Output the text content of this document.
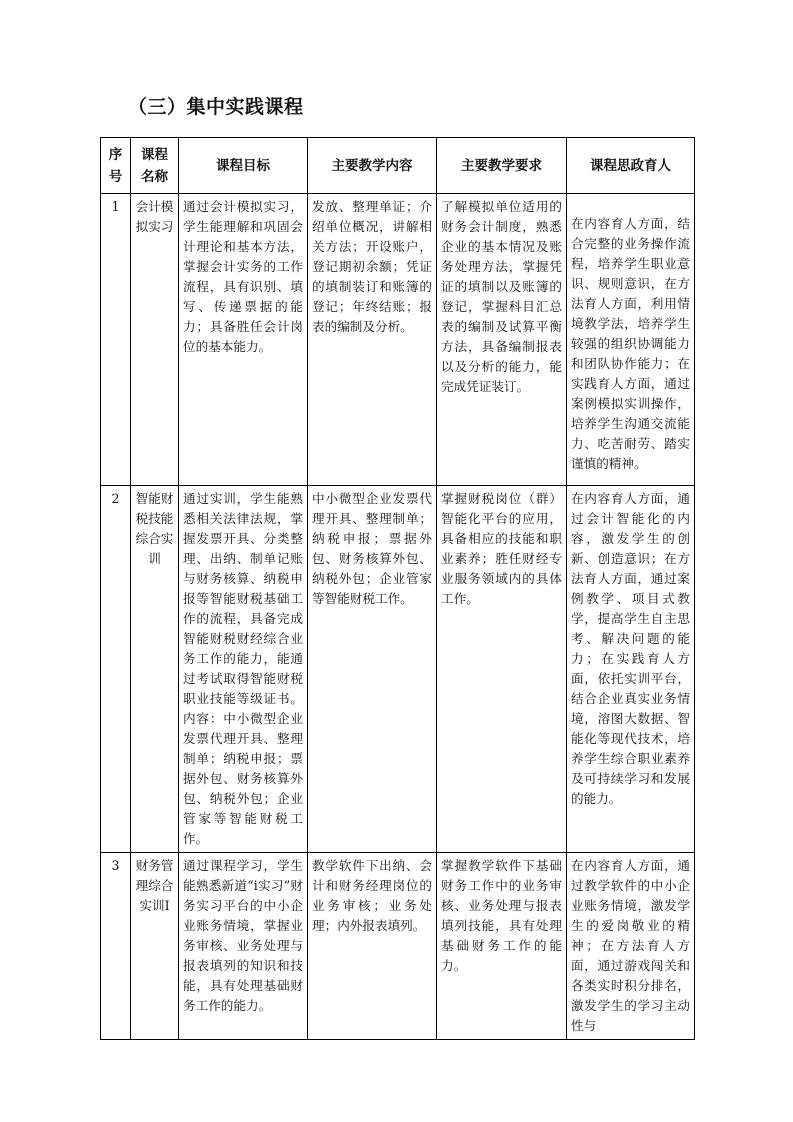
（三）集中实践课程
序号	课程名称	课程目标	主要教学内容	主要教学要求	课程思政育人
1	会计模拟实习	通过会计模拟实习，学生能理解和巩固会计理论和基本方法，掌握会计实务的工作流程，具有识别、填写、传递票据的能力；具备胜任会计岗位的基本能力。	发放、整理单证；介绍单位概况，讲解相关方法；开设账户，登记期初余额；凭证的填制装订和账簿的登记；年终结账；报表的编制及分析。	了解模拟单位适用的财务会计制度，熟悉企业的基本情况及账务处理方法，掌握凭证的填制以及账簿的登记，掌握科目汇总表的编制及试算平衡方法，具备编制报表以及分析的能力，能完成凭证装订。	在内容育人方面，结合完整的业务操作流程，培养学生职业意识、规则意识，在方法育人方面，利用情境教学法，培养学生较强的组织协调能力和团队协作能力；在实践育人方面，通过案例模拟实训操作，培养学生沟通交流能力、吃苦耐劳、踏实谨慎的精神。
2	智能财税技能综合实训	通过实训，学生能熟悉相关法律法规，掌握发票开具、分类整理、出纳、制单记账与财务核算、纳税申报等智能财税基础工作的流程，具备完成智能财税财经综合业务工作的能力，能通过考试取得智能财税职业技能等级证书。内容：中小微型企业发票代理开具、整理制单；纳税申报；票据外包、财务核算外包、纳税外包；企业管家等智能财税工作。	中小微型企业发票代理开具、整理制单；纳税申报；票据外包、财务核算外包、纳税外包；企业管家等智能财税工作。	掌握财税岗位（群）智能化平台的应用，具备相应的技能和职业素养；胜任财经专业服务领域内的具体工作。	在内容育人方面，通过会计智能化的内容，激发学生的创新、创造意识；在方法育人方面，通过案例教学、项目式教学，提高学生自主思考、解决问题的能力；在实践育人方面，依托实训平台，结合企业真实业务情境，溶图大数据、智能化等现代技术，培养学生综合职业素养及可持续学习和发展的能力。
3	财务管理综合实训Ⅰ	通过课程学习，学生能熟悉新道“i实习”财务实习平台的中小企业账务情境，掌握业务审核、业务处理与报表填列的知识和技能，具有处理基础财务工作的能力。	教学软件下出纳、会计和财务经理岗位的业务审核；业务处理；内外报表填列。	掌握教学软件下基础财务工作中的业务审核、业务处理与报表填列技能，具有处理基础财务工作的能力。	在内容育人方面，通过教学软件的中小企业账务情境，激发学生的爱岗敬业的精神；在方法育人方面，通过游戏闯关和各类实时积分排名，激发学生的学习主动性与
